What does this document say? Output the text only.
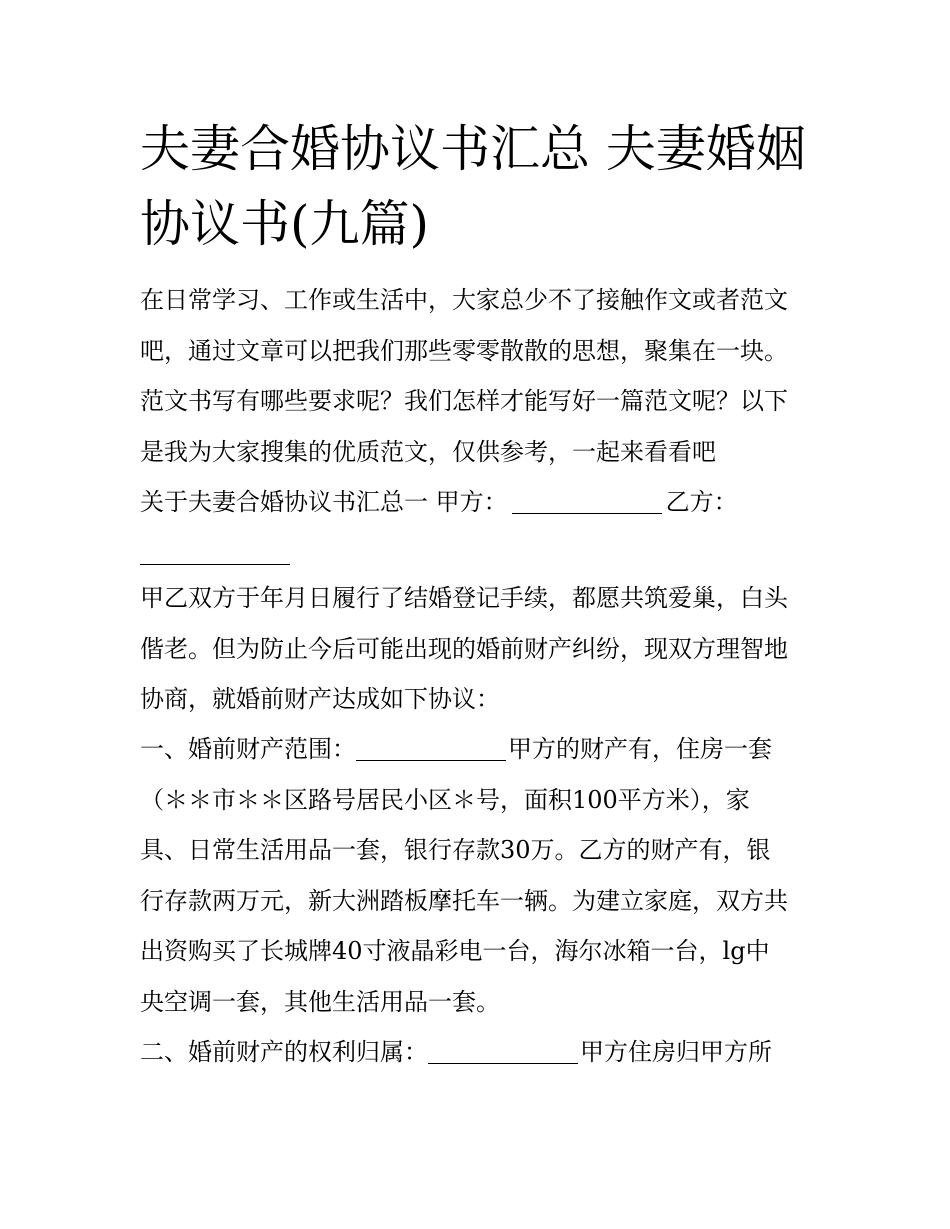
夫妻合婚协议书汇总 夫妻婚姻
协议书(九篇)
在日常学习、工作或生活中，大家总少不了接触作文或者范文
吧，通过文章可以把我们那些零零散散的思想，聚集在一块。
范文书写有哪些要求呢？我们怎样才能写好一篇范文呢？以下
是我为大家搜集的优质范文，仅供参考，一起来看看吧
关于夫妻合婚协议书汇总一 甲方：	乙方：
甲乙双方于年月日履行了结婚登记手续，都愿共筑爱巢，白头
偕老。但为防止今后可能出现的婚前财产纠纷，现双方理智地
协商，就婚前财产达成如下协议：
一、婚前财产范围：	甲方的财产有，住房一套
（＊＊市＊＊区路号居民小区＊号，面积100平方米），家
具、日常生活用品一套，银行存款30万。乙方的财产有，银
行存款两万元，新大洲踏板摩托车一辆。为建立家庭，双方共
出资购买了长城牌40寸液晶彩电一台，海尔冰箱一台，lg中
央空调一套，其他生活用品一套。
二、婚前财产的权利归属：	甲方住房归甲方所
